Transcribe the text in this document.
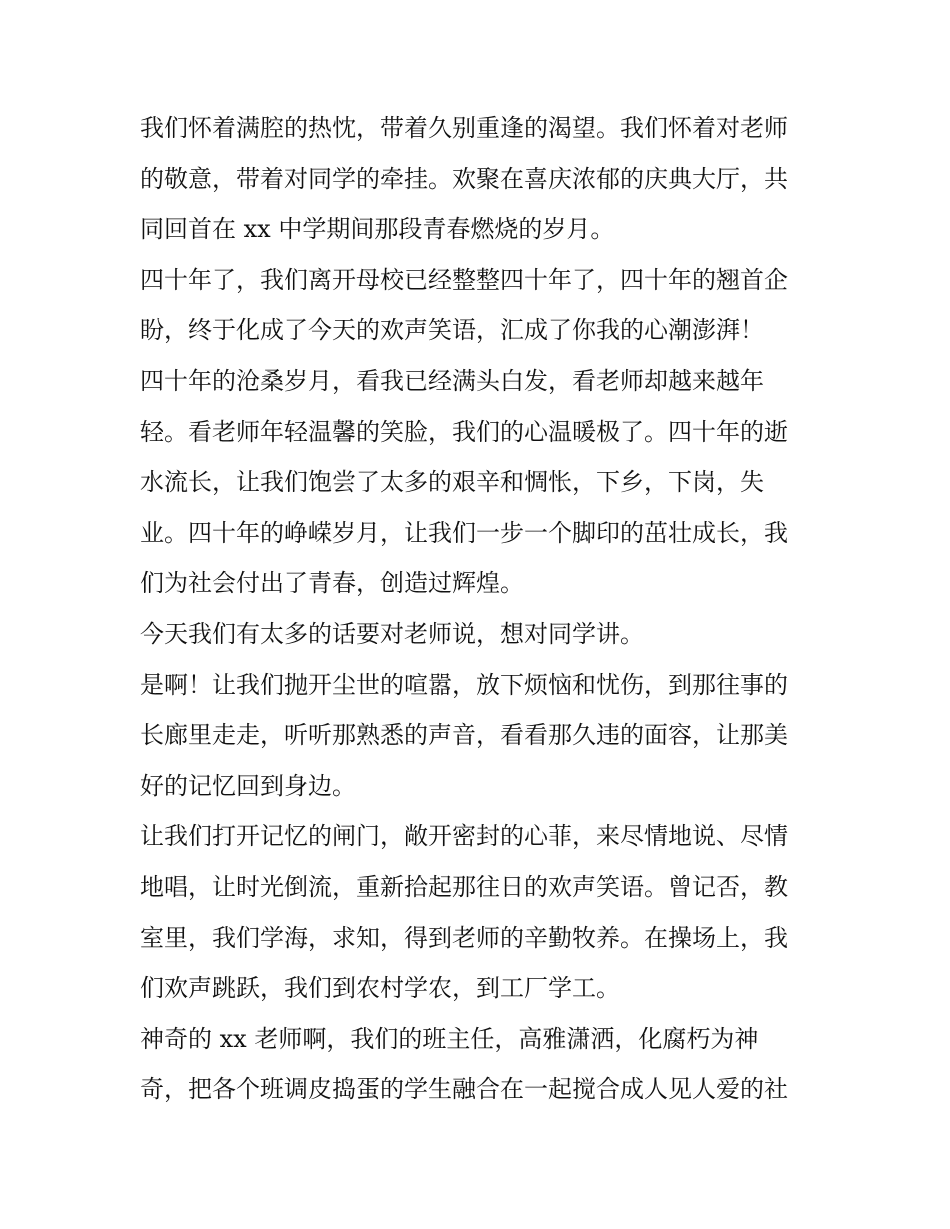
我们怀着满腔的热忱，带着久别重逢的渴望。我们怀着对老师
的敬意，带着对同学的牵挂。欢聚在喜庆浓郁的庆典大厅，共
同回首在 xx 中学期间那段青春燃烧的岁月。

四十年了，我们离开母校已经整整四十年了，四十年的翘首企
盼，终于化成了今天的欢声笑语，汇成了你我的心潮澎湃！

四十年的沧桑岁月，看我已经满头白发，看老师却越来越年
轻。看老师年轻温馨的笑脸，我们的心温暖极了。四十年的逝
水流长，让我们饱尝了太多的艰辛和惆怅，下乡，下岗，失
业。四十年的峥嵘岁月，让我们一步一个脚印的茁壮成长，我
们为社会付出了青春，创造过辉煌。

今天我们有太多的话要对老师说，想对同学讲。

是啊！让我们抛开尘世的喧嚣，放下烦恼和忧伤，到那往事的
长廊里走走，听听那熟悉的声音，看看那久违的面容，让那美
好的记忆回到身边。

让我们打开记忆的闸门，敞开密封的心菲，来尽情地说、尽情
地唱，让时光倒流，重新拾起那往日的欢声笑语。曾记否，教
室里，我们学海，求知，得到老师的辛勤牧养。在操场上，我
们欢声跳跃，我们到农村学农，到工厂学工。

神奇的 xx 老师啊，我们的班主任，高雅潇洒，化腐朽为神
奇，把各个班调皮捣蛋的学生融合在一起搅合成人见人爱的社
